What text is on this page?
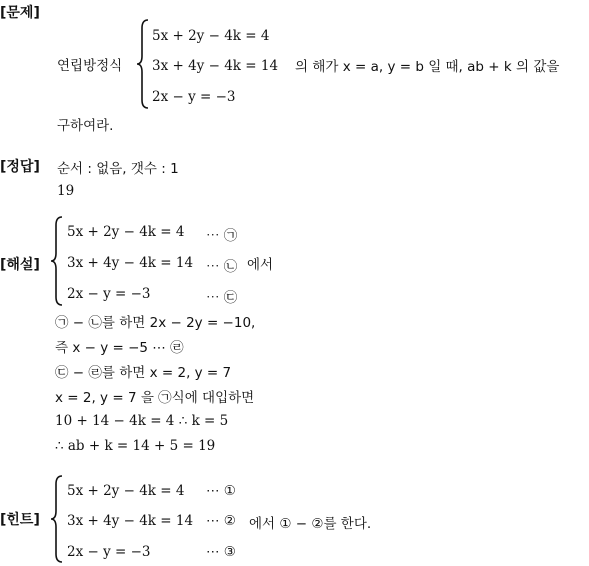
[문제]
연립방정식
5x + 2y − 4k = 4
3x + 4y − 4k = 14
2x − y = −3
의 해가 x = a, y = b 일 때, ab + k 의 값을
구하여라.
[정답] 순서 : 없음, 갯수 : 1
19
[해설]
5x + 2y − 4k = 4
3x + 4y − 4k = 14
2x − y = −3
⋯ ㉠
⋯ ㉡
⋯ ㉢
에서
㉠ − ㉡를 하면 2x − 2y = −10,
즉 x − y = −5 ⋯ ㉣
㉢ − ㉣를 하면 x = 2, y = 7
x = 2, y = 7 을 ㉠식에 대입하면
10 + 14 − 4k = 4 ∴ k = 5
∴ ab + k = 14 + 5 = 19
[힌트]
5x + 2y − 4k = 4
3x + 4y − 4k = 14
2x − y = −3
⋯ ①
⋯ ②
⋯ ③
에서 ① − ②를 한다.
